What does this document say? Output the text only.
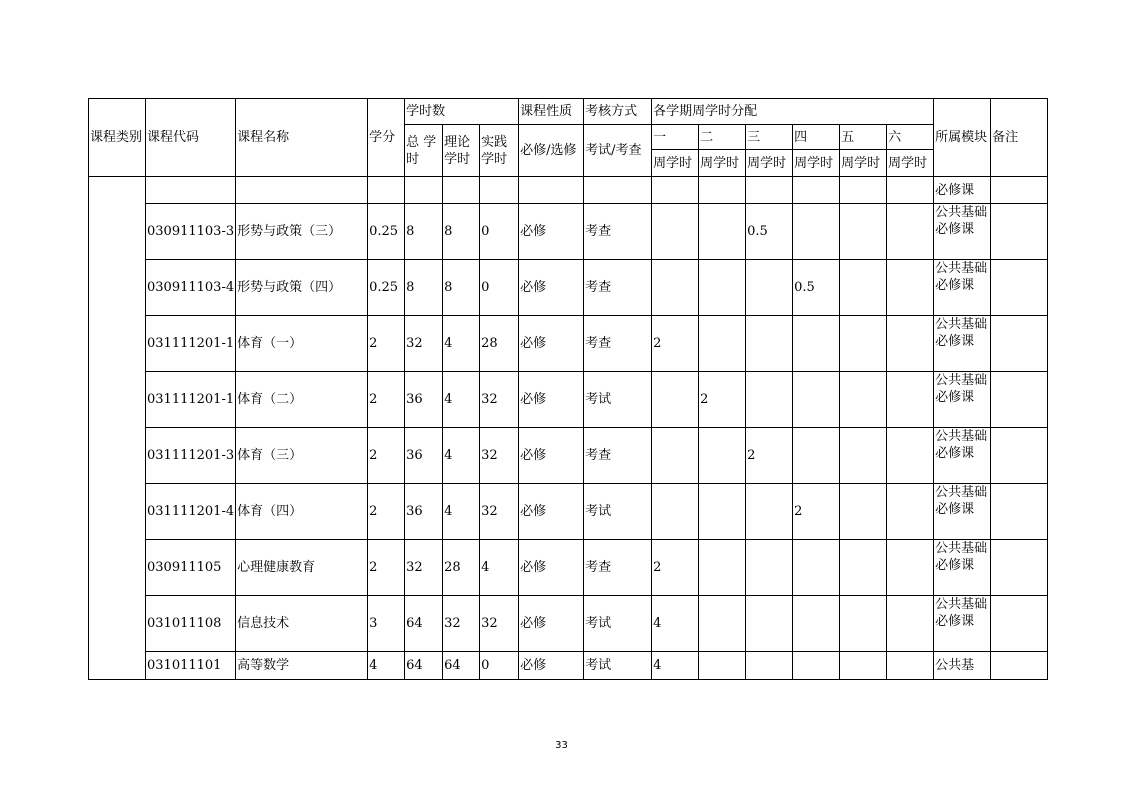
课程类别	课程代码	课程名称	学分	学时数			课程性质	考核方式	各学期周学时分配						所属模块	备注
				总 学时	理论学时	实践学时	必修/选修	考试/考查	一	二	三	四	五	六		
									周学时	周学时	周学时	周学时	周学时	周学时		
															必修课	
	030911103-3	形势与政策（三）	0.25	8	8	0	必修	考查			0.5				公共基础必修课	
	030911103-4	形势与政策（四）	0.25	8	8	0	必修	考查				0.5			公共基础必修课	
	031111201-1	体育（一）	2	32	4	28	必修	考查	2						公共基础必修课	
	031111201-1	体育（二）	2	36	4	32	必修	考试		2					公共基础必修课	
	031111201-3	体育（三）	2	36	4	32	必修	考查			2				公共基础必修课	
	031111201-4	体育（四）	2	36	4	32	必修	考试				2			公共基础必修课	
	030911105	心理健康教育	2	32	28	4	必修	考查	2						公共基础必修课	
	031011108	信息技术	3	64	32	32	必修	考试	4						公共基础必修课	
	031011101	高等数学	4	64	64	0	必修	考试	4						公共基	
33
